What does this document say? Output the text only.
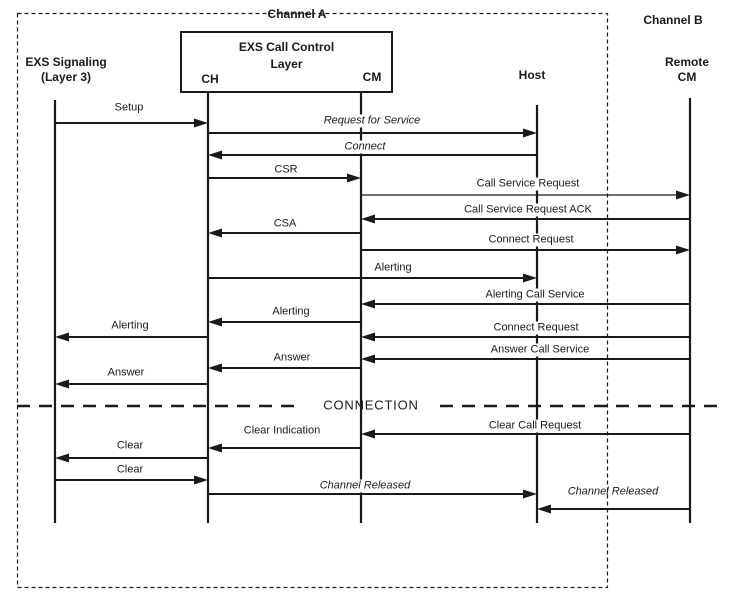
Channel A	Channel B
EXS Signaling
(Layer 3)
EXS Call Control
Layer
CH	CM	Host
Remote
CM
CONNECTION
Setup
Request for Service
Connect
CSR
Call Service Request
Call Service Request ACK
CSA
Connect Request
Alerting
Alerting Call Service
Alerting
Connect Request
Alerting
Answer Call Service
Answer
Answer
Clear Call Request
Clear Indication
Clear
Clear
Channel Released	Channel Released
